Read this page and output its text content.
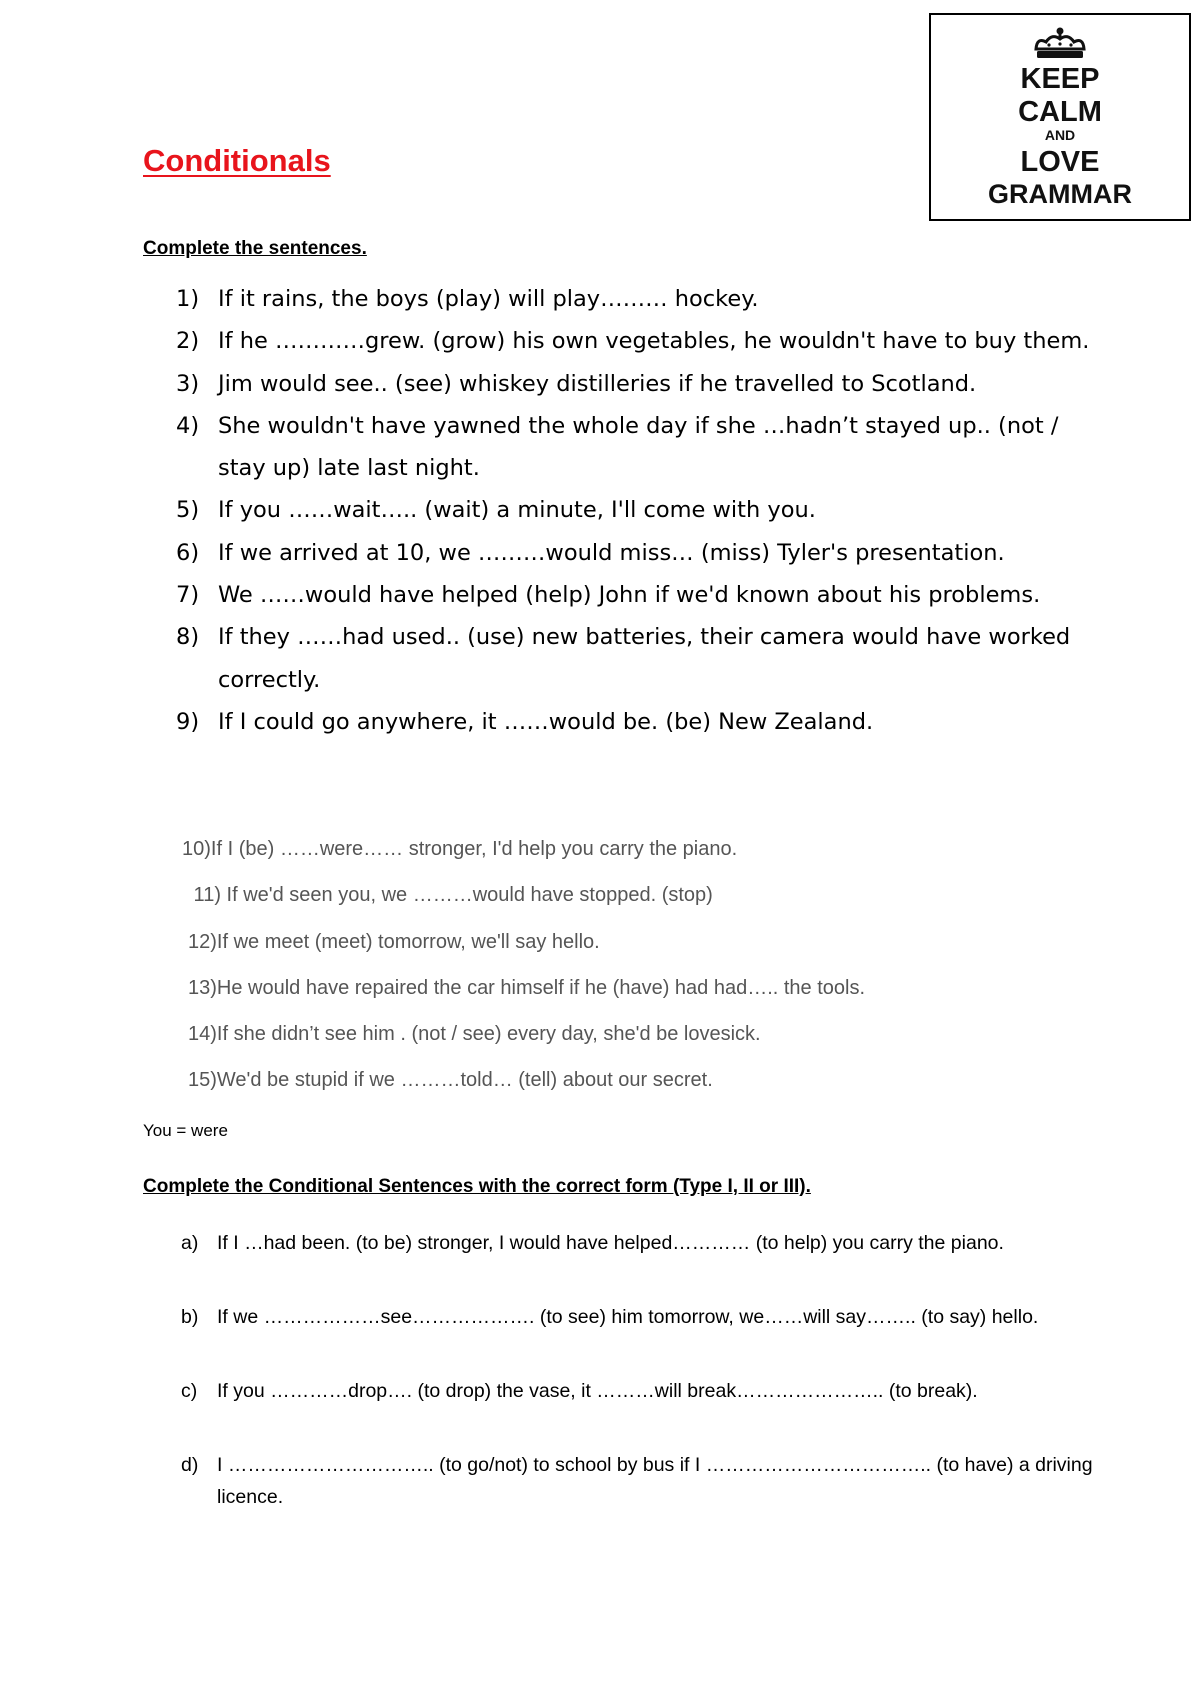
KEEP
CALM
AND
LOVE
GRAMMAR
Conditionals
Complete the sentences.
1) If it rains, the boys (play) will play……… hockey.
2) If he …………grew. (grow) his own vegetables, he wouldn't have to buy them.
3) Jim would see.. (see) whiskey distilleries if he travelled to Scotland.
4) She wouldn't have yawned the whole day if she …hadn’t stayed up.. (not / stay up) late last night.
5) If you ……wait….. (wait) a minute, I'll come with you.
6) If we arrived at 10, we ………would miss… (miss) Tyler's presentation.
7) We ……would have helped (help) John if we'd known about his problems.
8) If they ……had used.. (use) new batteries, their camera would have worked correctly.
9) If I could go anywhere, it ……would be. (be) New Zealand.
10) If I (be) ……were…… stronger, I'd help you carry the piano.
11) If we'd seen you, we ………would have stopped. (stop)
12) If we meet (meet) tomorrow, we'll say hello.
13) He would have repaired the car himself if he (have) had had….. the tools.
14) If she didn’t see him . (not / see) every day, she'd be lovesick.
15) We'd be stupid if we ………told… (tell) about our secret.

You = were

Complete the Conditional Sentences with the correct form (Type I, II or III).
a) If I …had been. (to be) stronger, I would have helped………… (to help) you carry the piano.
b) If we ………………see………………. (to see) him tomorrow, we……will say…….. (to say) hello.
c)	If you …………drop…. (to drop) the vase, it ………will break………………….. (to break).
d) I ………………………….. (to go/not) to school by bus if I …………………………….. (to have) a driving licence.
